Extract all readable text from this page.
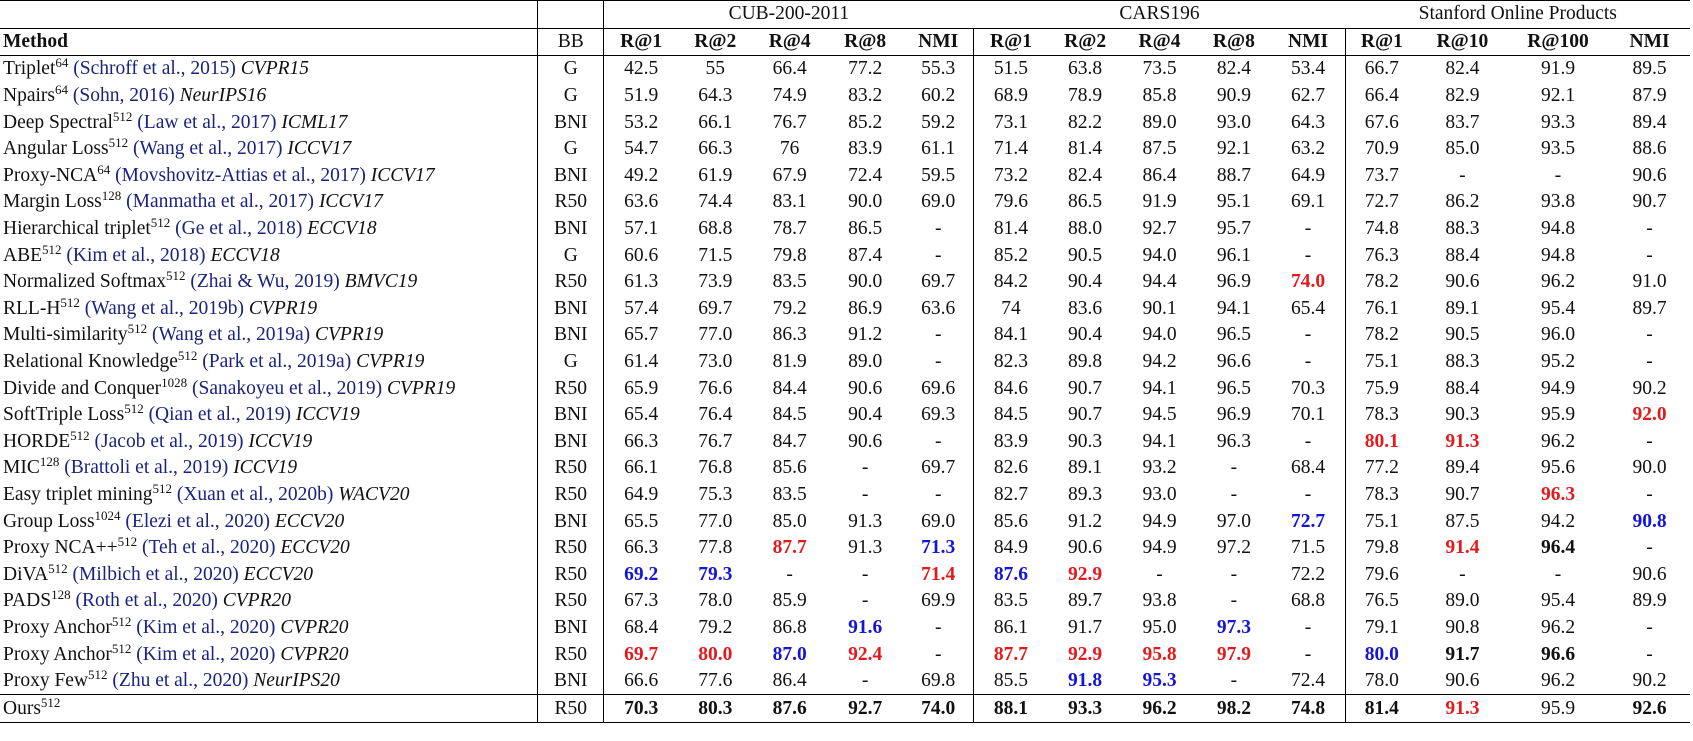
		CUB-200-2011					CARS196					Stanford Online Products			
Method	BB	R@1	R@2	R@4	R@8	NMI	R@1	R@2	R@4	R@8	NMI	R@1	R@10	R@100	NMI
Triplet$^{64}$ (Schroff et al., 2015) CVPR15	G	42.5	55	66.4	77.2	55.3	51.5	63.8	73.5	82.4	53.4	66.7	82.4	91.9	89.5
Npairs$^{64}$ (Sohn, 2016) NeurIPS16	G	51.9	64.3	74.9	83.2	60.2	68.9	78.9	85.8	90.9	62.7	66.4	82.9	92.1	87.9
Deep Spectral$^{512}$ (Law et al., 2017) ICML17	BNI	53.2	66.1	76.7	85.2	59.2	73.1	82.2	89.0	93.0	64.3	67.6	83.7	93.3	89.4
Angular Loss$^{512}$ (Wang et al., 2017) ICCV17	G	54.7	66.3	76	83.9	61.1	71.4	81.4	87.5	92.1	63.2	70.9	85.0	93.5	88.6
Proxy-NCA$^{64}$ (Movshovitz-Attias et al., 2017) ICCV17	BNI	49.2	61.9	67.9	72.4	59.5	73.2	82.4	86.4	88.7	64.9	73.7	-	-	90.6
Margin Loss$^{128}$ (Manmatha et al., 2017) ICCV17	R50	63.6	74.4	83.1	90.0	69.0	79.6	86.5	91.9	95.1	69.1	72.7	86.2	93.8	90.7
Hierarchical triplet$^{512}$ (Ge et al., 2018) ECCV18	BNI	57.1	68.8	78.7	86.5	-	81.4	88.0	92.7	95.7	-	74.8	88.3	94.8	-
ABE$^{512}$ (Kim et al., 2018) ECCV18	G	60.6	71.5	79.8	87.4	-	85.2	90.5	94.0	96.1	-	76.3	88.4	94.8	-
Normalized Softmax$^{512}$ (Zhai & Wu, 2019) BMVC19	R50	61.3	73.9	83.5	90.0	69.7	84.2	90.4	94.4	96.9	74.0	78.2	90.6	96.2	91.0
RLL-$H^{512}$ (Wang et al., 2019b) CVPR19	BNI	57.4	69.7	79.2	86.9	63.6	74	83.6	90.1	94.1	65.4	76.1	89.1	95.4	89.7
Multi-similarity$^{512}$ (Wang et al., 2019a) CVPR19	BNI	65.7	77.0	86.3	91.2	-	84.1	90.4	94.0	96.5	-	78.2	90.5	96.0	-
Relational Knowledge$^{512}$ (Park et al., 2019a) CVPR19	G	61.4	73.0	81.9	89.0	-	82.3	89.8	94.2	96.6	-	75.1	88.3	95.2	-
Divide and Conquer$^{1028}$ (Sanakoyeu et al., 2019) CVPR19	R50	65.9	76.6	84.4	90.6	69.6	84.6	90.7	94.1	96.5	70.3	75.9	88.4	94.9	90.2
SoftTriple Loss$^{512}$ (Qian et al., 2019) ICCV19	BNI	65.4	76.4	84.5	90.4	69.3	84.5	90.7	94.5	96.9	70.1	78.3	90.3	95.9	92.0
HORDE$^{512}$ (Jacob et al., 2019) ICCV19	BNI	66.3	76.7	84.7	90.6	-	83.9	90.3	94.1	96.3	-	80.1	91.3	96.2	-
MIC$^{128}$ (Brattoli et al., 2019) ICCV19	R50	66.1	76.8	85.6	-	69.7	82.6	89.1	93.2	-	68.4	77.2	89.4	95.6	90.0
Easy triplet mining$^{512}$ (Xuan et al., 2020b) WACV20	R50	64.9	75.3	83.5	-	-	82.7	89.3	93.0	-	-	78.3	90.7	96.3	-
Group Loss$^{1024}$ (Elezi et al., 2020) ECCV20	BNI	65.5	77.0	85.0	91.3	69.0	85.6	91.2	94.9	97.0	72.7	75.1	87.5	94.2	90.8
Proxy NCA++$^{512}$ (Teh et al., 2020) ECCV20	R50	66.3	77.8	87.7	91.3	71.3	84.9	90.6	94.9	97.2	71.5	79.8	91.4	96.4	-
DiVA$^{512}$ (Milbich et al., 2020) ECCV20	R50	69.2	79.3	-	-	71.4	87.6	92.9	-	-	72.2	79.6	-	-	90.6
PADS$^{128}$ (Roth et al., 2020) CVPR20	R50	67.3	78.0	85.9	-	69.9	83.5	89.7	93.8	-	68.8	76.5	89.0	95.4	89.9
Proxy Anchor$^{512}$ (Kim et al., 2020) CVPR20	BNI	68.4	79.2	86.8	91.6	-	86.1	91.7	95.0	97.3	-	79.1	90.8	96.2	-
Proxy Anchor$^{512}$ (Kim et al., 2020) CVPR20	R50	69.7	80.0	87.0	92.4	-	87.7	92.9	95.8	97.9	-	80.0	91.7	96.6	-
Proxy Few$^{512}$ (Zhu et al., 2020) NeurIPS20	BNI	66.6	77.6	86.4	-	69.8	85.5	91.8	95.3	-	72.4	78.0	90.6	96.2	90.2
Ours$^{512}$	R50	70.3	80.3	87.6	92.7	74.0	88.1	93.3	96.2	98.2	74.8	81.4	91.3	95.9	92.6
